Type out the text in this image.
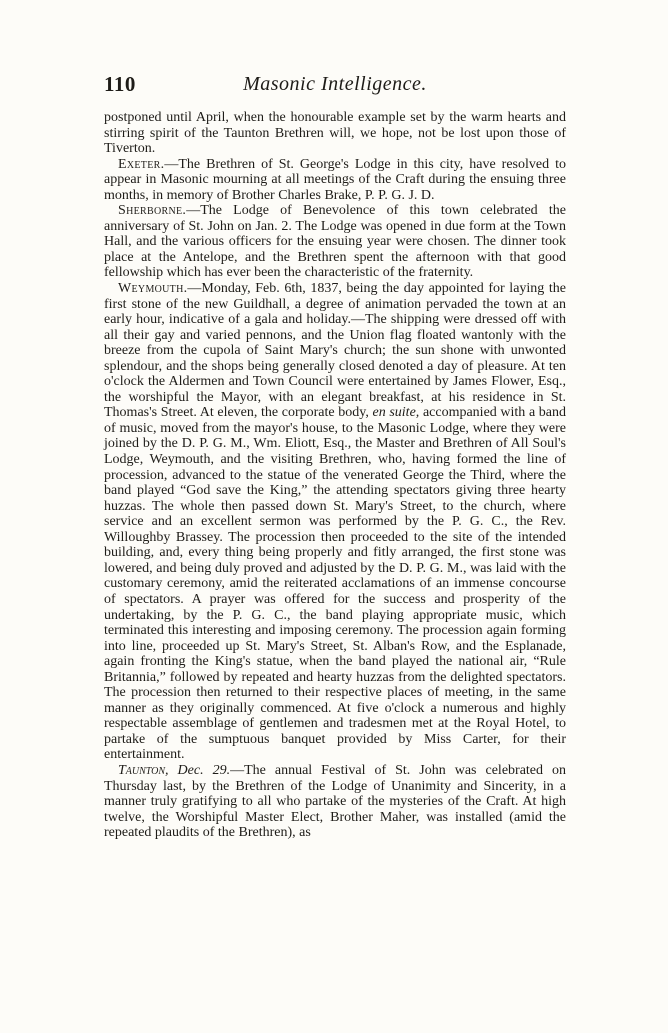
110	Masonic Intelligence.

postponed until April, when the honourable example set by the warm hearts and stirring spirit of the Taunton Brethren will, we hope, not be lost upon those of Tiverton.

Exeter.—The Brethren of St. George's Lodge in this city, have resolved to appear in Masonic mourning at all meetings of the Craft during the ensuing three months, in memory of Brother Charles Brake, P. P. G. J. D.

Sherborne.—The Lodge of Benevolence of this town celebrated the anniversary of St. John on Jan. 2. The Lodge was opened in due form at the Town Hall, and the various officers for the ensuing year were chosen. The dinner took place at the Antelope, and the Brethren spent the afternoon with that good fellowship which has ever been the characteristic of the fraternity.

Weymouth.—Monday, Feb. 6th, 1837, being the day appointed for laying the first stone of the new Guildhall, a degree of animation pervaded the town at an early hour, indicative of a gala and holiday.—The shipping were dressed off with all their gay and varied pennons, and the Union flag floated wantonly with the breeze from the cupola of Saint Mary's church; the sun shone with unwonted splendour, and the shops being generally closed denoted a day of pleasure. At ten o'clock the Aldermen and Town Council were entertained by James Flower, Esq., the worshipful the Mayor, with an elegant breakfast, at his residence in St. Thomas's Street. At eleven, the corporate body, en suite, accompanied with a band of music, moved from the mayor's house, to the Masonic Lodge, where they were joined by the D. P. G. M., Wm. Eliott, Esq., the Master and Brethren of All Soul's Lodge, Weymouth, and the visiting Brethren, who, having formed the line of procession, advanced to the statue of the venerated George the Third, where the band played “God save the King,” the attending spectators giving three hearty huzzas. The whole then passed down St. Mary's Street, to the church, where service and an excellent sermon was performed by the P. G. C., the Rev. Willoughby Brassey. The procession then proceeded to the site of the intended building, and, every thing being properly and fitly arranged, the first stone was lowered, and being duly proved and adjusted by the D. P. G. M., was laid with the customary ceremony, amid the reiterated acclamations of an immense concourse of spectators. A prayer was offered for the success and prosperity of the undertaking, by the P. G. C., the band playing appropriate music, which terminated this interesting and imposing ceremony. The procession again forming into line, proceeded up St. Mary's Street, St. Alban's Row, and the Esplanade, again fronting the King's statue, when the band played the national air, “Rule Britannia,” followed by repeated and hearty huzzas from the delighted spectators. The procession then returned to their respective places of meeting, in the same manner as they originally commenced. At five o'clock a numerous and highly respectable assemblage of gentlemen and tradesmen met at the Royal Hotel, to partake of the sumptuous banquet provided by Miss Carter, for their entertainment.

Taunton, Dec. 29.—The annual Festival of St. John was celebrated on Thursday last, by the Brethren of the Lodge of Unanimity and Sincerity, in a manner truly gratifying to all who partake of the mysteries of the Craft. At high twelve, the Worshipful Master Elect, Brother Maher, was installed (amid the repeated plaudits of the Brethren), as
